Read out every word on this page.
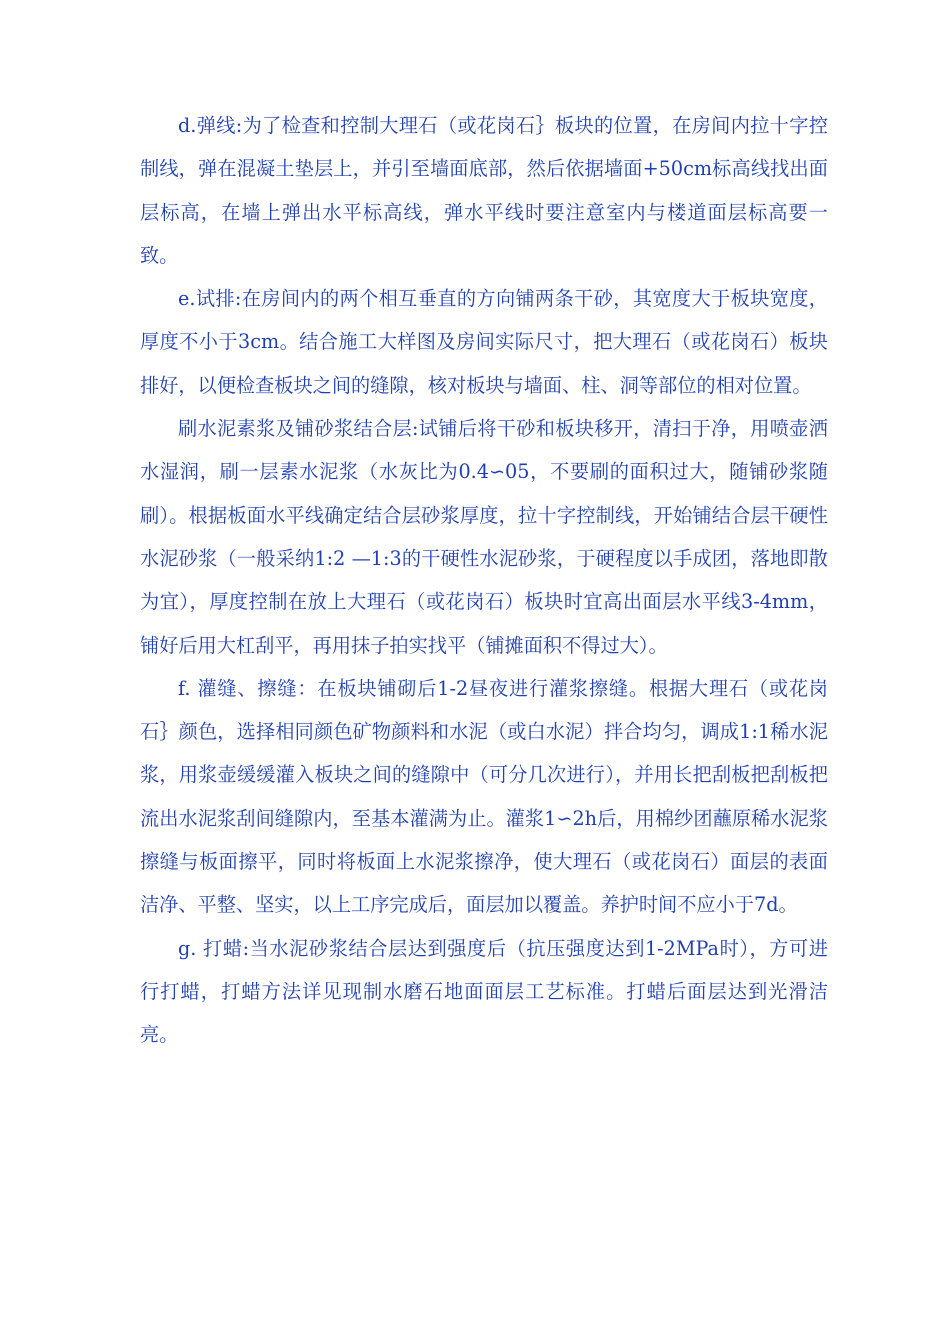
d.弹线:为了检查和控制大理石（或花岗石｝板块的位置，在房间内拉十字控制线，弹在混凝土垫层上，并引至墙面底部，然后依据墙面+50cm标高线找出面层标高，在墙上弹出水平标高线，弹水平线时要注意室内与楼道面层标高要一致。

e.试排:在房间内的两个相互垂直的方向铺两条干砂，其宽度大于板块宽度，厚度不小于3cm。结合施工大样图及房间实际尺寸，把大理石（或花岗石）板块排好，以便检查板块之间的缝隙，核对板块与墙面、柱、洞等部位的相对位置。

刷水泥素浆及铺砂浆结合层:试铺后将干砂和板块移开，清扫于净，用喷壶洒水湿润，刷一层素水泥浆（水灰比为0.4∽05，不要刷的面积过大，随铺砂浆随刷）。根据板面水平线确定结合层砂浆厚度，拉十字控制线，开始铺结合层干硬性水泥砂浆（一般采纳1:2 —1:3的干硬性水泥砂浆，于硬程度以手成团，落地即散为宜），厚度控制在放上大理石（或花岗石）板块时宜高出面层水平线3-4mm，铺好后用大杠刮平，再用抹子拍实找平（铺摊面积不得过大）。

f. 灌缝、擦缝：在板块铺砌后1-2昼夜进行灌浆擦缝。根据大理石（或花岗石｝颜色，选择相同颜色矿物颜料和水泥（或白水泥）拌合均匀，调成1:1稀水泥浆，用浆壶缓缓灌入板块之间的缝隙中（可分几次进行），并用长把刮板把刮板把流出水泥浆刮间缝隙内，至基本灌满为止。灌浆1∽2h后，用棉纱团蘸原稀水泥浆擦缝与板面擦平，同时将板面上水泥浆擦净，使大理石（或花岗石）面层的表面洁净、平整、坚实，以上工序完成后，面层加以覆盖。养护时间不应小于7d。

g. 打蜡:当水泥砂浆结合层达到强度后（抗压强度达到1-2MPa时），方可进行打蜡，打蜡方法详见现制水磨石地面面层工艺标准。打蜡后面层达到光滑洁亮。
